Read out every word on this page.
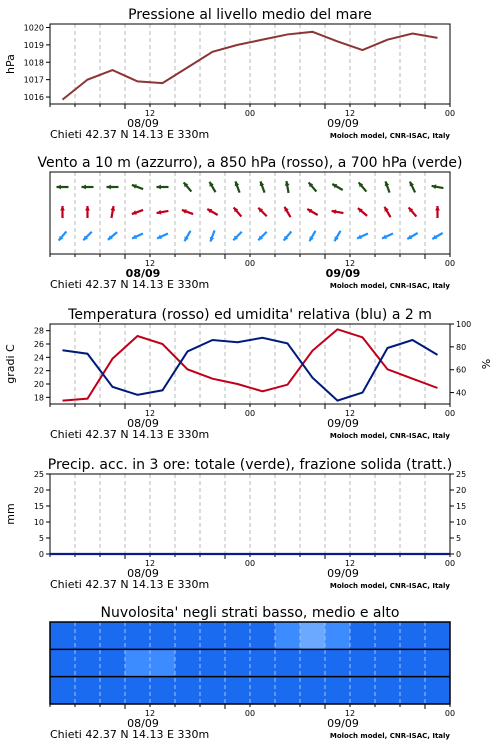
Pressione al livello medio del mare
1016
1017
1018
1019
1020
hPa
12	00	12	00
08/09	09/09
Chieti 42.37 N 14.13 E 330m	Moloch model, CNR-ISAC, Italy
Vento a 10 m (azzurro), a 850 hPa (rosso), a 700 hPa (verde)
12	00	12	00
08/09	09/09
Chieti 42.37 N 14.13 E 330m	Moloch model, CNR-ISAC, Italy
Temperatura (rosso) ed umidita' relativa (blu) a 2 m
18
20
22
24
26
28
40
60
80
100
gradi C	%
12	00	12	00
08/09	09/09
Chieti 42.37 N 14.13 E 330m	Moloch model, CNR-ISAC, Italy
Precip. acc. in 3 ore: totale (verde), frazione solida (tratt.)
0
5
10
15
20
25
0
5
10
15
20
25
mm
12	00	12	00
08/09	09/09
Chieti 42.37 N 14.13 E 330m	Moloch model, CNR-ISAC, Italy
Nuvolosita' negli strati basso, medio e alto
12	00	12	00
08/09	09/09
Chieti 42.37 N 14.13 E 330m	Moloch model, CNR-ISAC, Italy
